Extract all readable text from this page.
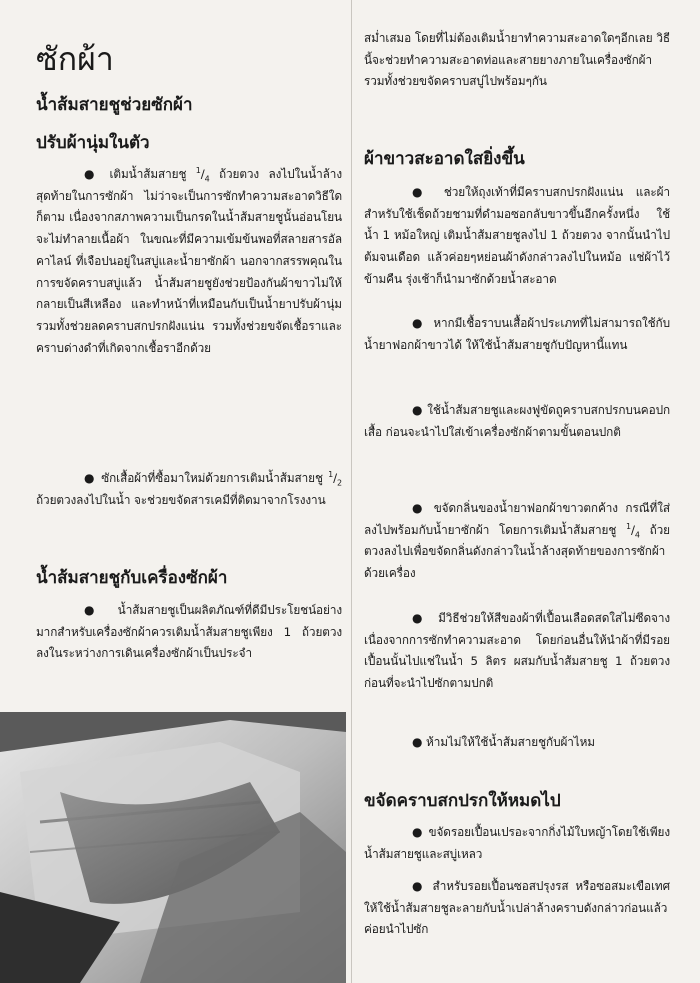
ซักผ้า
น้ำส้มสายชูช่วยซักผ้า
ปรับผ้านุ่มในตัว

● เติมน้ำส้มสายชู $^1/_4$ ถ้วยตวง ลงไปในน้ำล้างสุดท้ายในการซักผ้า ไม่ว่าจะเป็นการซักทำความสะอาดวิธีใดก็ตาม เนื่องจากสภาพความเป็นกรดในน้ำส้มสายชูนั้นอ่อนโยนจะไม่ทำลายเนื้อผ้า ในขณะที่มีความเข้มข้นพอที่สลายสารอัลคาไลน์ ที่เจือปนอยู่ในสบู่และน้ำยาซักผ้า นอกจากสรรพคุณในการขจัดคราบสบู่แล้ว น้ำส้มสายชูยังช่วยป้องกันผ้าขาวไม่ให้กลายเป็นสีเหลือง และทำหน้าที่เหมือนกับเป็นน้ำยาปรับผ้านุ่ม รวมทั้งช่วยลดคราบสกปรกฝังแน่น รวมทั้งช่วยขจัดเชื้อราและคราบด่างดำที่เกิดจากเชื้อราอีกด้วย

● ซักเสื้อผ้าที่ซื้อมาใหม่ด้วยการเติมน้ำส้มสายชู $^1/_2$ ถ้วยตวงลงไปในน้ำ จะช่วยขจัดสารเคมีที่ติดมาจากโรงงาน

น้ำส้มสายชูกับเครื่องซักผ้า

● น้ำส้มสายชูเป็นผลิตภัณฑ์ที่ดีมีประโยชน์อย่างมากสำหรับเครื่องซักผ้าควรเติมน้ำส้มสายชูเพียง 1 ถ้วยตวง ลงในระหว่างการเดินเครื่องซักผ้าเป็นประจำ

สม่ำเสมอ โดยที่ไม่ต้องเติมน้ำยาทำความสะอาดใดๆอีกเลย วิธีนี้จะช่วยทำความสะอาดท่อและสายยางภายในเครื่องซักผ้า รวมทั้งช่วยขจัดคราบสบู่ไปพร้อมๆกัน

ผ้าขาวสะอาดใสยิ่งขึ้น

● ช่วยให้ถุงเท้าที่มีคราบสกปรกฝังแน่น และผ้าสำหรับใช้เช็ดถ้วยชามที่ดำมอซอกลับขาวขึ้นอีกครั้งหนึ่ง ใช้น้ำ 1 หม้อใหญ่ เติมน้ำส้มสายชูลงไป 1 ถ้วยตวง จากนั้นนำไปต้มจนเดือด แล้วค่อยๆหย่อนผ้าดังกล่าวลงไปในหม้อ แช่ผ้าไว้ข้ามคืน รุ่งเช้าก็นำมาซักด้วยน้ำสะอาด

● หากมีเชื้อราบนเสื้อผ้าประเภทที่ไม่สามารถใช้กับน้ำยาฟอกผ้าขาวได้ ให้ใช้น้ำส้มสายชูกับปัญหานี้แทน

● ใช้น้ำส้มสายชูและผงฟูขัดถูคราบสกปรกบนคอปกเสื้อ ก่อนจะนำไปใส่เข้าเครื่องซักผ้าตามขั้นตอนปกติ

● ขจัดกลิ่นของน้ำยาฟอกผ้าขาวตกค้าง กรณีที่ใส่ลงไปพร้อมกับน้ำยาซักผ้า โดยการเติมน้ำส้มสายชู $^1/_4$ ถ้วยตวงลงไปเพื่อขจัดกลิ่นดังกล่าวในน้ำล้างสุดท้ายของการซักผ้าด้วยเครื่อง

● มีวิธีช่วยให้สีของผ้าที่เปื้อนเลือดสดใสไม่ซีดจางเนื่องจากการซักทำความสะอาด โดยก่อนอื่นให้นำผ้าที่มีรอยเปื้อนนั้นไปแช่ในน้ำ 5 ลิตร ผสมกับน้ำส้มสายชู 1 ถ้วยตวง ก่อนที่จะนำไปซักตามปกติ

● ห้ามไม่ให้ใช้น้ำส้มสายชูกับผ้าไหม

ขจัดคราบสกปรกให้หมดไป

● ขจัดรอยเปื้อนเปรอะจากกิ่งไม้ใบหญ้าโดยใช้เพียงน้ำส้มสายชูและสบู่เหลว

● สำหรับรอยเปื้อนซอสปรุงรส หรือซอสมะเขือเทศ ให้ใช้น้ำส้มสายชูละลายกับน้ำเปล่าล้างคราบดังกล่าวก่อนแล้วค่อยนำไปซัก
